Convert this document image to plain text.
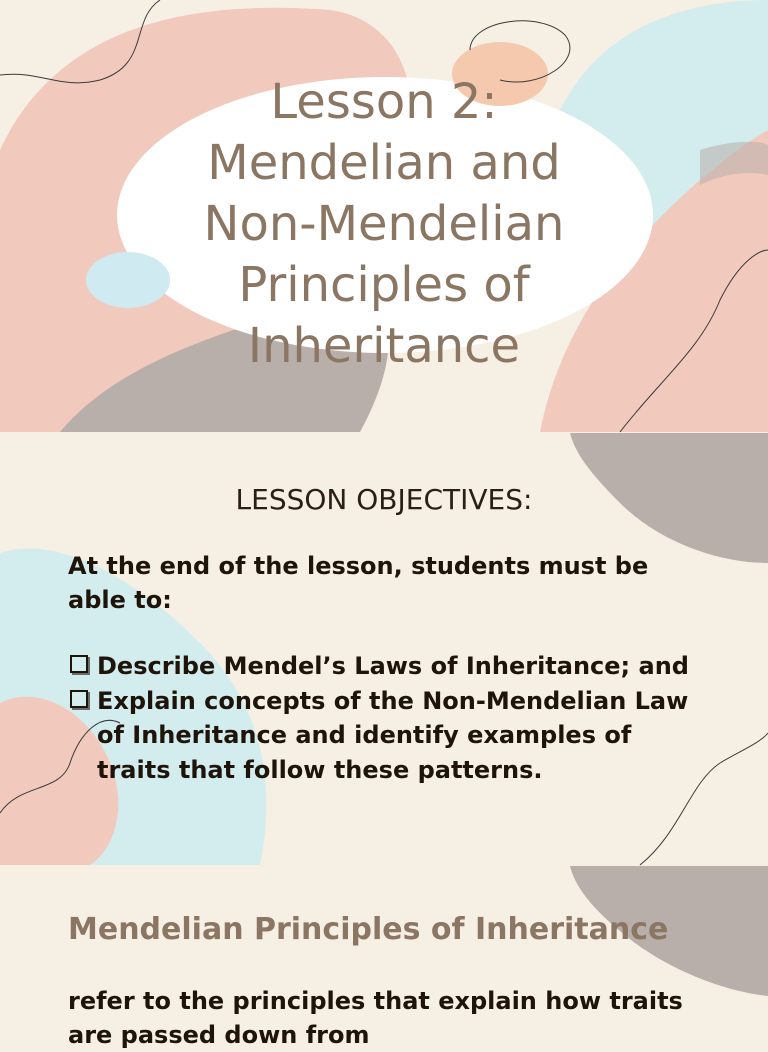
Lesson 2:
Mendelian and
Non-Mendelian
Principles of
Inheritance
LESSON OBJECTIVES:
At the end of the lesson, students must be able to:
Describe Mendel’s Laws of Inheritance; and
Explain concepts of the Non-Mendelian Law of Inheritance and identify examples of traits that follow these patterns.
Mendelian Principles of Inheritance
refer to the principles that explain how traits are passed down from
